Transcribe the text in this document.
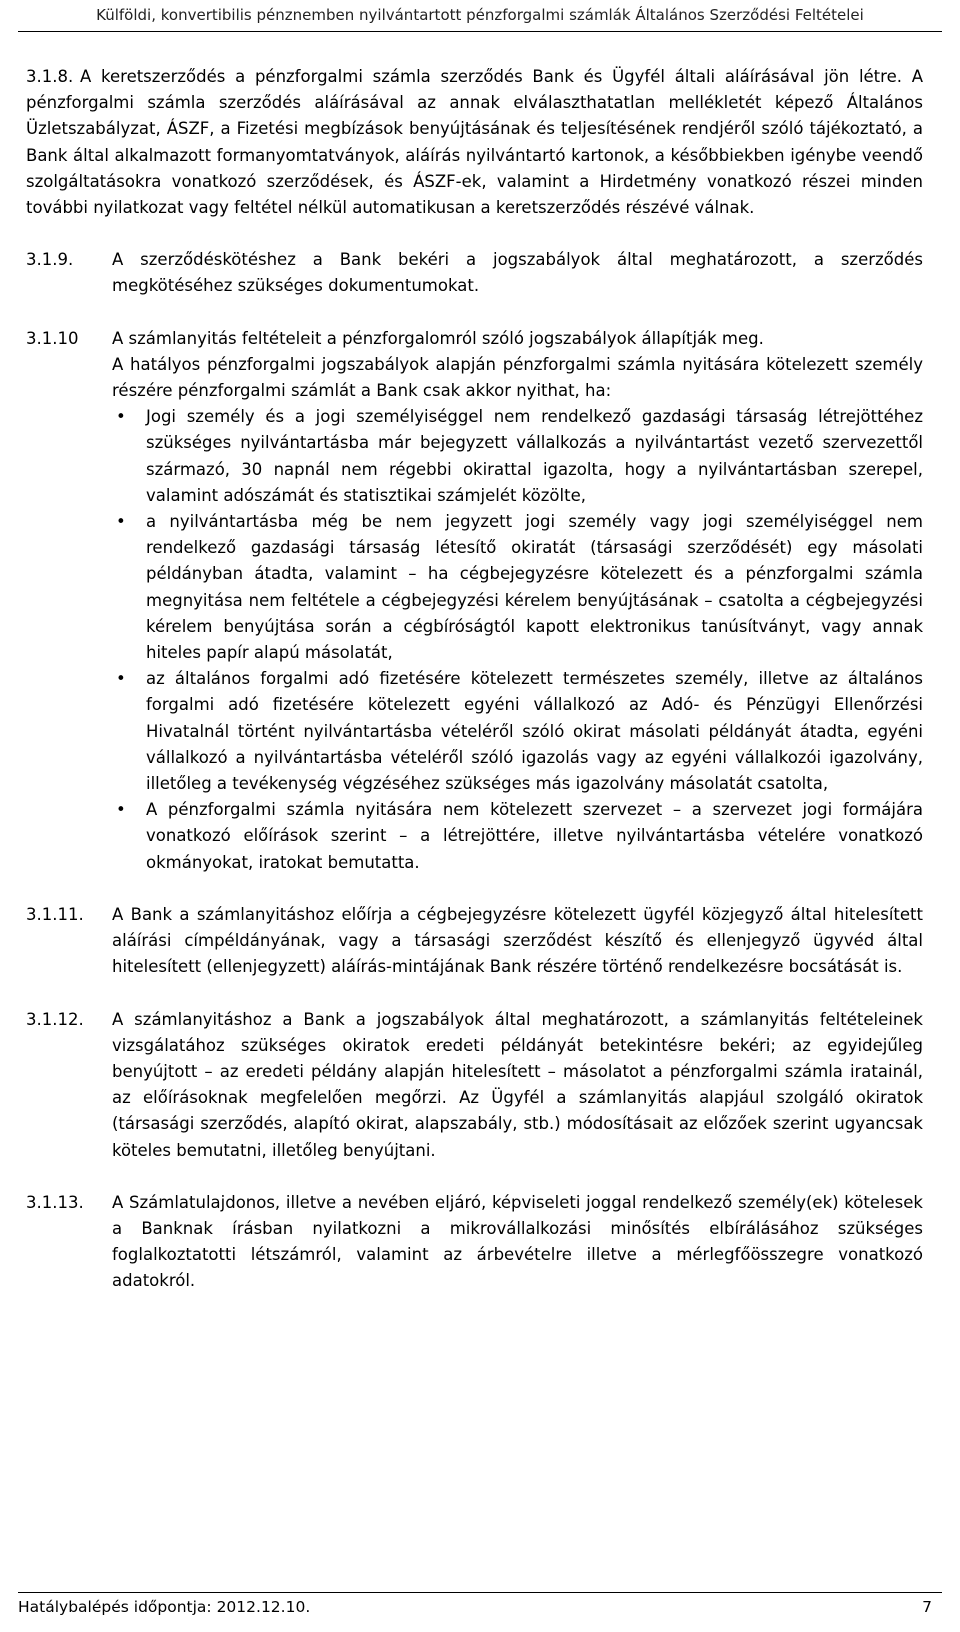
Külföldi, konvertibilis pénznemben nyilvántartott pénzforgalmi számlák Általános Szerződési Feltételei
3.1.8. A keretszerződés a pénzforgalmi számla szerződés Bank és Ügyfél általi aláírásával jön létre. A pénzforgalmi számla szerződés aláírásával az annak elválaszthatatlan mellékletét képező Általános Üzletszabályzat, ÁSZF, a Fizetési megbízások benyújtásának és teljesítésének rendjéről szóló tájékoztató, a Bank által alkalmazott formanyomtatványok, aláírás nyilvántartó kartonok, a későbbiekben igénybe veendő szolgáltatásokra vonatkozó szerződések, és ÁSZF-ek, valamint a Hirdetmény vonatkozó részei minden további nyilatkozat vagy feltétel nélkül automatikusan a keretszerződés részévé válnak.
3.1.9.	A szerződéskötéshez a Bank bekéri a jogszabályok által meghatározott, a szerződés megkötéséhez szükséges dokumentumokat.
3.1.10	A számlanyitás feltételeit a pénzforgalomról szóló jogszabályok állapítják meg.
A hatályos pénzforgalmi jogszabályok alapján pénzforgalmi számla nyitására kötelezett személy részére pénzforgalmi számlát a Bank csak akkor nyithat, ha:
• Jogi személy és a jogi személyiséggel nem rendelkező gazdasági társaság létrejöttéhez szükséges nyilvántartásba már bejegyzett vállalkozás a nyilvántartást vezető szervezettől származó, 30 napnál nem régebbi okirattal igazolta, hogy a nyilvántartásban szerepel, valamint adószámát és statisztikai számjelét közölte,
• a nyilvántartásba még be nem jegyzett jogi személy vagy jogi személyiséggel nem rendelkező gazdasági társaság létesítő okiratát (társasági szerződését) egy másolati példányban átadta, valamint – ha cégbejegyzésre kötelezett és a pénzforgalmi számla megnyitása nem feltétele a cégbejegyzési kérelem benyújtásának – csatolta a cégbejegyzési kérelem benyújtása során a cégbíróságtól kapott elektronikus tanúsítványt, vagy annak hiteles papír alapú másolatát,
• az általános forgalmi adó fizetésére kötelezett természetes személy, illetve az általános forgalmi adó fizetésére kötelezett egyéni vállalkozó az Adó- és Pénzügyi Ellenőrzési Hivatalnál történt nyilvántartásba vételéről szóló okirat másolati példányát átadta, egyéni vállalkozó a nyilvántartásba vételéről szóló igazolás vagy az egyéni vállalkozói igazolvány, illetőleg a tevékenység végzéséhez szükséges más igazolvány másolatát csatolta,
• A pénzforgalmi számla nyitására nem kötelezett szervezet – a szervezet jogi formájára vonatkozó előírások szerint – a létrejöttére, illetve nyilvántartásba vételére vonatkozó okmányokat, iratokat bemutatta.
3.1.11.	A Bank a számlanyitáshoz előírja a cégbejegyzésre kötelezett ügyfél közjegyző által hitelesített aláírási címpéldányának, vagy a társasági szerződést készítő és ellenjegyző ügyvéd által hitelesített (ellenjegyzett) aláírás-mintájának Bank részére történő rendelkezésre bocsátását is.
3.1.12.	A számlanyitáshoz a Bank a jogszabályok által meghatározott, a számlanyitás feltételeinek vizsgálatához szükséges okiratok eredeti példányát betekintésre bekéri; az egyidejűleg benyújtott – az eredeti példány alapján hitelesített – másolatot a pénzforgalmi számla iratainál, az előírásoknak megfelelően megőrzi. Az Ügyfél a számlanyitás alapjául szolgáló okiratok (társasági szerződés, alapító okirat, alapszabály, stb.) módosításait az előzőek szerint ugyancsak köteles bemutatni, illetőleg benyújtani.
3.1.13.	A Számlatulajdonos, illetve a nevében eljáró, képviseleti joggal rendelkező személy(ek) kötelesek a Banknak írásban nyilatkozni a mikrovállalkozási minősítés elbírálásához szükséges foglalkoztatotti létszámról, valamint az árbevételre illetve a mérlegfőösszegre vonatkozó adatokról.
Hatálybalépés időpontja: 2012.12.10.	7
